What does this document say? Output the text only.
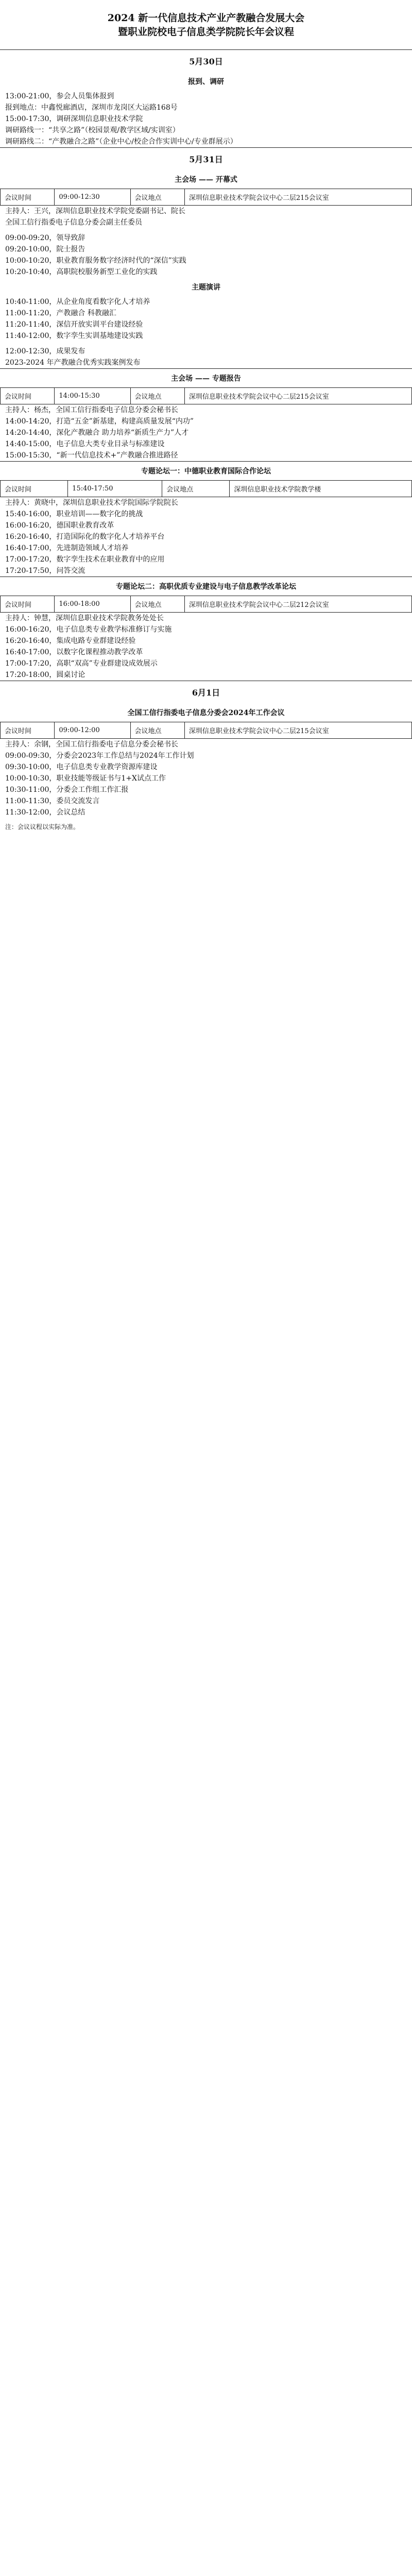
2024 新一代信息技术产业产教融合发展大会

暨职业院校电子信息类学院院长年会议程

5月30日
报到、调研
13:00-21:00，参会人员集体报到
报到地点：中鑫悦廊酒店，深圳市龙岗区大运路168号
15:00-17:30，调研深圳信息职业技术学院
调研路线一：“共享之路”（校园景观/教学区域/实训室）
调研路线二：“产教融合之路”（企业中心/校企合作实训中心/专业群展示）
5月31日
主会场 —— 开幕式
会议时间	09:00-12:30	会议地点	深圳信息职业技术学院会议中心二层215会议室
主持人：王兴，深圳信息职业技术学院党委副书记、院长
全国工信行指委电子信息分委会副主任委员
09:00-09:20，领导致辞
09:20-10:00，院士报告
10:00-10:20，职业教育服务数字经济时代的“深信”实践
10:20-10:40，高职院校服务新型工业化的实践
主题演讲
10:40-11:00，从企业角度看数字化人才培养
11:00-11:20，产教融合 科教融汇
11:20-11:40，深信开放实训平台建设经验
11:40-12:00，数字孪生实训基地建设实践
12:00-12:30，成果发布
2023-2024 年产教融合优秀实践案例发布
主会场 —— 专题报告
会议时间	14:00-15:30	会议地点	深圳信息职业技术学院会议中心二层215会议室
主持人：杨杰，全国工信行指委电子信息分委会秘书长
14:00-14:20，打造“五金”新基建，构建高质量发展“内功”
14:20-14:40，深化产教融合 助力培养“新质生产力”人才
14:40-15:00，电子信息大类专业目录与标准建设
15:00-15:30，“新一代信息技术+”产教融合推进路径
专题论坛一：中德职业教育国际合作论坛
会议时间	15:40-17:50	会议地点	深圳信息职业技术学院教学楼
主持人：黄晓中，深圳信息职业技术学院国际学院院长
15:40-16:00，职业培训——数字化的挑战
16:00-16:20，德国职业教育改革
16:20-16:40，打造国际化的数字化人才培养平台
16:40-17:00，先进制造领域人才培养
17:00-17:20，数字孪生技术在职业教育中的应用
17:20-17:50，问答交流
专题论坛二：高职优质专业建设与电子信息教学改革论坛
会议时间	16:00-18:00	会议地点	深圳信息职业技术学院会议中心二层212会议室
主持人：钟慧，深圳信息职业技术学院教务处处长
16:00-16:20，电子信息类专业教学标准修订与实施
16:20-16:40，集成电路专业群建设经验
16:40-17:00，以数字化课程推动教学改革
17:00-17:20，高职“双高”专业群建设成效展示
17:20-18:00，圆桌讨论
6月1日
全国工信行指委电子信息分委会2024年工作会议
会议时间	09:00-12:00	会议地点	深圳信息职业技术学院会议中心二层215会议室
主持人：余钢，全国工信行指委电子信息分委会秘书长
09:00-09:30，分委会2023年工作总结与2024年工作计划
09:30-10:00，电子信息类专业教学资源库建设
10:00-10:30，职业技能等级证书与1+X试点工作
10:30-11:00，分委会工作组工作汇报
11:00-11:30，委员交流发言
11:30-12:00，会议总结
注：会议议程以实际为准。
